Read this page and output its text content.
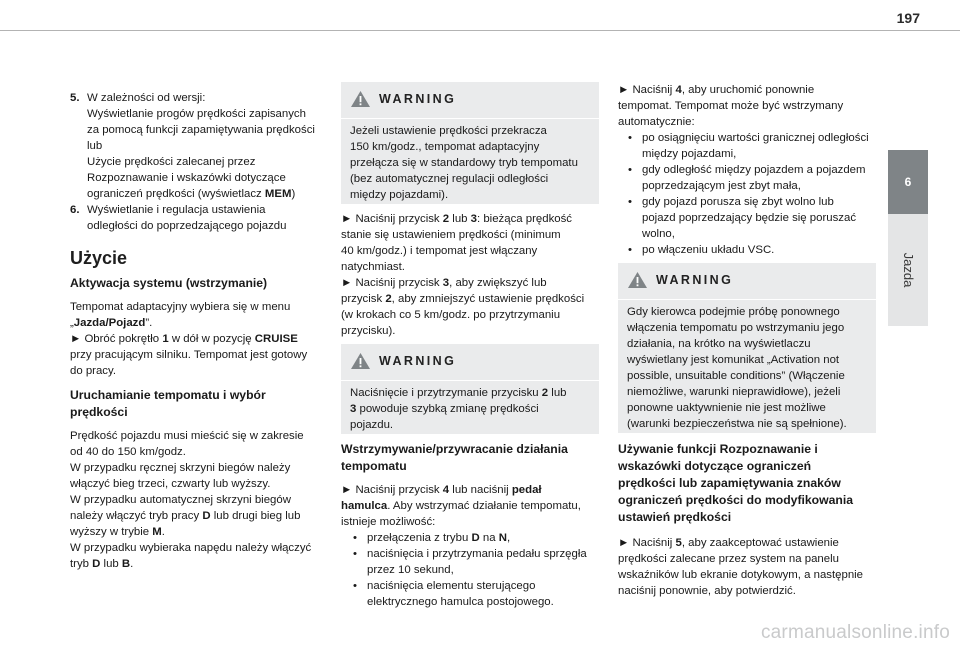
197
6
Jazda
5. W zależności od wersji:

Wyświetlanie progów prędkości zapisanych

za pomocą funkcji zapamiętywania prędkości

lub

Użycie prędkości zalecanej przez

Rozpoznawanie i wskazówki dotyczące

ograniczeń prędkości (wyświetlacz MEM)

6. Wyświetlanie i regulacja ustawienia

odległości do poprzedzającego pojazdu

Użycie

Aktywacja systemu (wstrzymanie)

Tempomat adaptacyjny wybiera się w menu

„Jazda/Pojazd”.

► Obróć pokrętło 1 w dół w pozycję CRUISE

przy pracującym silniku. Tempomat jest gotowy

do pracy.

Uruchamianie tempomatu i wybór

prędkości

Prędkość pojazdu musi mieścić się w zakresie

od 40 do 150 km/godz.

W przypadku ręcznej skrzyni biegów należy

włączyć bieg trzeci, czwarty lub wyższy.

W przypadku automatycznej skrzyni biegów

należy włączyć tryb pracy D lub drugi bieg lub

wyższy w trybie M.

W przypadku wybieraka napędu należy włączyć

tryb D lub B.

WARNING

Jeżeli ustawienie prędkości przekracza

150 km/godz., tempomat adaptacyjny

przełącza się w standardowy tryb tempomatu

(bez automatycznej regulacji odległości

między pojazdami).

► Naciśnij przycisk 2 lub 3: bieżąca prędkość

stanie się ustawieniem prędkości (minimum

40 km/godz.) i tempomat jest włączany

natychmiast.

► Naciśnij przycisk 3, aby zwiększyć lub

przycisk 2, aby zmniejszyć ustawienie prędkości

(w krokach co 5 km/godz. po przytrzymaniu

przycisku).

WARNING

Naciśnięcie i przytrzymanie przycisku 2 lub

3 powoduje szybką zmianę prędkości

pojazdu.

Wstrzymywanie/przywracanie działania

tempomatu

► Naciśnij przycisk 4 lub naciśnij pedał

hamulca. Aby wstrzymać działanie tempomatu,

istnieje możliwość:

• przełączenia z trybu D na N,

• naciśnięcia i przytrzymania pedału sprzęgła

przez 10 sekund,

• naciśnięcia elementu sterującego

elektrycznego hamulca postojowego.

► Naciśnij 4, aby uruchomić ponownie

tempomat. Tempomat może być wstrzymany

automatycznie:

• po osiągnięciu wartości granicznej odległości

między pojazdami,

• gdy odległość między pojazdem a pojazdem

poprzedzającym jest zbyt mała,

• gdy pojazd porusza się zbyt wolno lub

pojazd poprzedzający będzie się poruszać

wolno,

• po włączeniu układu VSC.

WARNING

Gdy kierowca podejmie próbę ponownego

włączenia tempomatu po wstrzymaniu jego

działania, na krótko na wyświetlaczu

wyświetlany jest komunikat „Activation not

possible, unsuitable conditions” (Włączenie

niemożliwe, warunki nieprawidłowe), jeżeli

ponowne uaktywnienie nie jest możliwe

(warunki bezpieczeństwa nie są spełnione).

Używanie funkcji Rozpoznawanie i

wskazówki dotyczące ograniczeń

prędkości lub zapamiętywania znaków

ograniczeń prędkości do modyfikowania

ustawień prędkości

► Naciśnij 5, aby zaakceptować ustawienie

prędkości zalecane przez system na panelu

wskaźników lub ekranie dotykowym, a następnie

naciśnij ponownie, aby potwierdzić.

carmanualsonline.info
